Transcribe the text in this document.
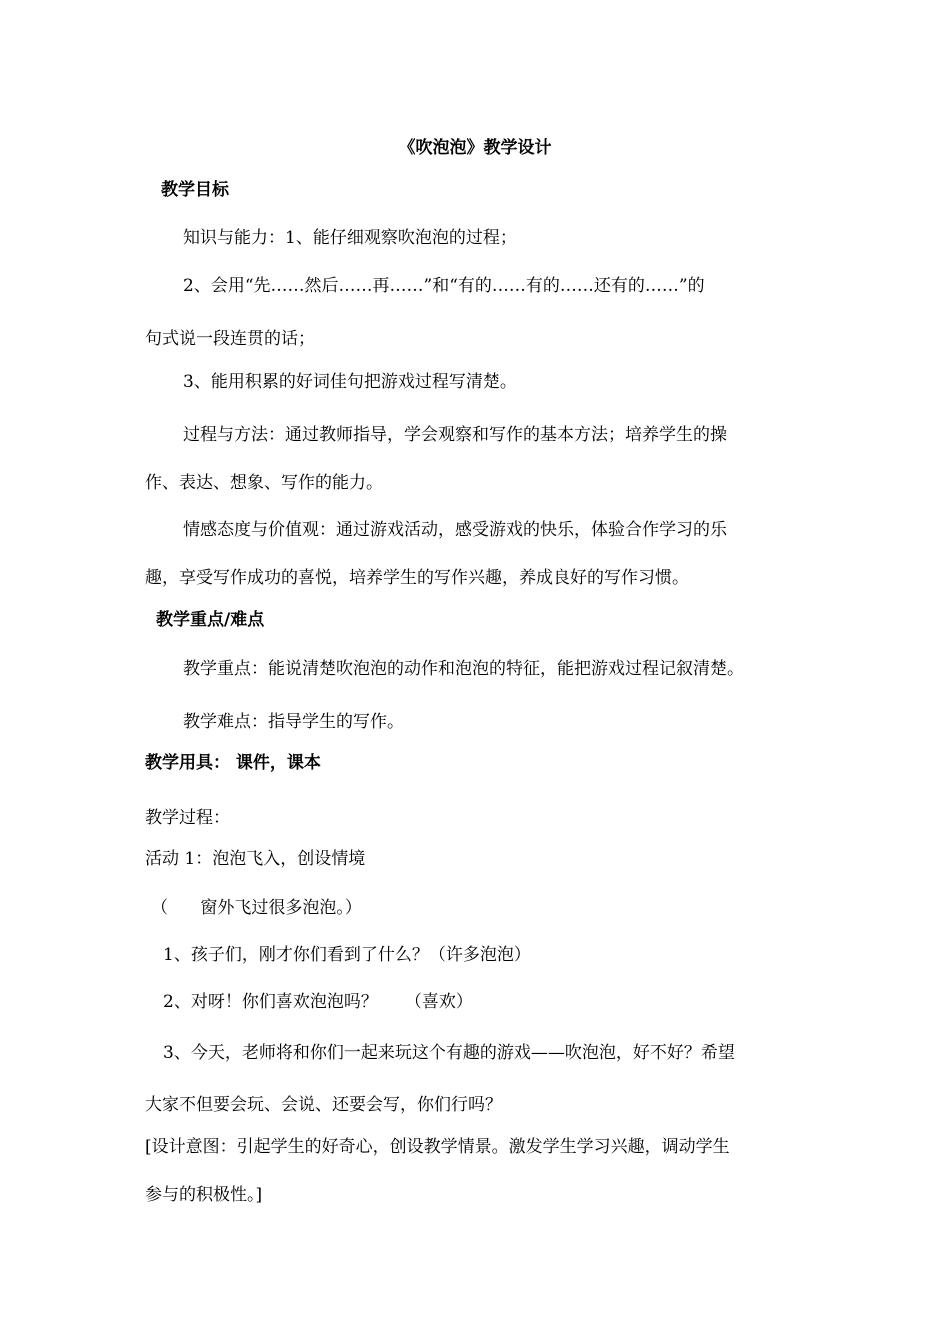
《吹泡泡》教学设计
教学目标
知识与能力：1、能仔细观察吹泡泡的过程；
2、会用“先……然后……再……”和“有的……有的……还有的……”的
句式说一段连贯的话；
3、能用积累的好词佳句把游戏过程写清楚。
过程与方法：通过教师指导，学会观察和写作的基本方法；培养学生的操
作、表达、想象、写作的能力。
情感态度与价值观：通过游戏活动，感受游戏的快乐，体验合作学习的乐
趣，享受写作成功的喜悦，培养学生的写作兴趣，养成良好的写作习惯。
教学重点/难点
教学重点：能说清楚吹泡泡的动作和泡泡的特征，能把游戏过程记叙清楚。
教学难点：指导学生的写作。
教学用具： 课件，课本
教学过程：
活动 1：泡泡飞入，创设情境
（      窗外飞过很多泡泡。）
1、孩子们，刚才你们看到了什么？（许多泡泡）
2、对呀！你们喜欢泡泡吗？     （喜欢）
3、今天，老师将和你们一起来玩这个有趣的游戏——吹泡泡，好不好？希望
大家不但要会玩、会说、还要会写，你们行吗？
[设计意图：引起学生的好奇心，创设教学情景。激发学生学习兴趣，调动学生
参与的积极性。]
